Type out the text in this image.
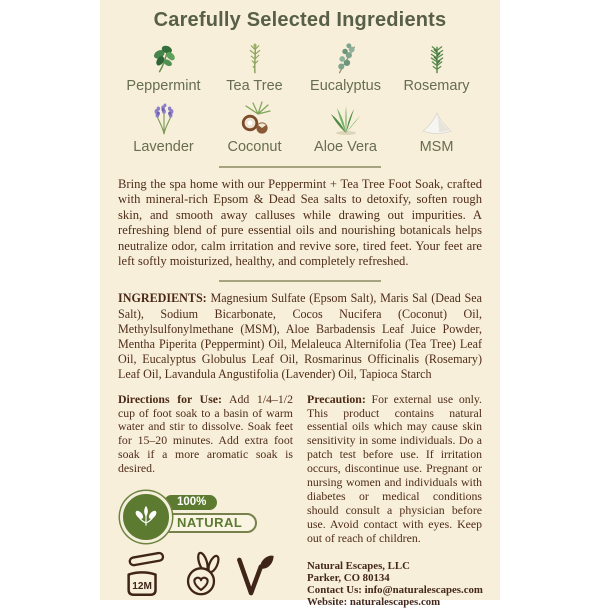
Carefully Selected Ingredients
Peppermint	Tea Tree	Eucalyptus	Rosemary
Lavender	Coconut	Aloe Vera	MSM

Bring the spa home with our Peppermint + Tea Tree Foot Soak, crafted with mineral-rich Epsom & Dead Sea salts to detoxify, soften rough skin, and smooth away calluses while drawing out impurities. A refreshing blend of pure essential oils and nourishing botanicals helps neutralize odor, calm irritation and revive sore, tired feet. Your feet are left softly moisturized, healthy, and completely refreshed.

INGREDIENTS: Magnesium Sulfate (Epsom Salt), Maris Sal (Dead Sea Salt), Sodium Bicarbonate, Cocos Nucifera (Coconut) Oil, Methylsulfonylmethane (MSM), Aloe Barbadensis Leaf Juice Powder, Mentha Piperita (Peppermint) Oil, Melaleuca Alternifolia (Tea Tree) Leaf Oil, Eucalyptus Globulus Leaf Oil, Rosmarinus Officinalis (Rosemary) Leaf Oil, Lavandula Angustifolia (Lavender) Oil, Tapioca Starch

Directions for Use: Add 1/4–1/2 cup of foot soak to a basin of warm water and stir to dissolve. Soak feet for 15–20 minutes. Add extra foot soak if a more aromatic soak is desired.

100%
NATURAL
12M

Precaution: For external use only. This product contains natural essential oils which may cause skin sensitivity in some individuals. Do a patch test before use. If irritation occurs, discontinue use. Pregnant or nursing women and individuals with diabetes or medical conditions should consult a physician before use. Avoid contact with eyes. Keep out of reach of children.

Natural Escapes, LLC
Parker, CO 80134
Contact Us: info@naturalescapes.com
Website: naturalescapes.com
